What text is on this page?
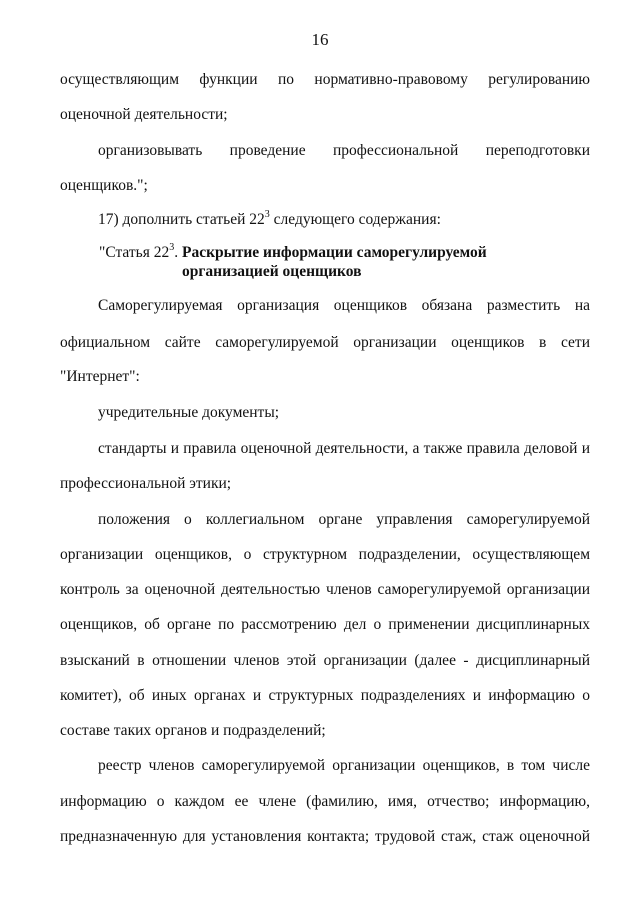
16
осуществляющим функции по нормативно-правовому регулированию
оценочной деятельности;
организовывать проведение профессиональной переподготовки
оценщиков.";
17) дополнить статьей $22^3$ следующего содержания:
"Статья $22^3$. Раскрытие информации саморегулируемой
организацией оценщиков
Саморегулируемая организация оценщиков обязана разместить на
официальном сайте саморегулируемой организации оценщиков в сети
"Интернет":
учредительные документы;
стандарты и правила оценочной деятельности, а также правила деловой и
профессиональной этики;
положения о коллегиальном органе управления саморегулируемой
организации оценщиков, о структурном подразделении, осуществляющем
контроль за оценочной деятельностью членов саморегулируемой организации
оценщиков, об органе по рассмотрению дел о применении дисциплинарных
взысканий в отношении членов этой организации (далее - дисциплинарный
комитет), об иных органах и структурных подразделениях и информацию о
составе таких органов и подразделений;
реестр членов саморегулируемой организации оценщиков, в том числе
информацию о каждом ее члене (фамилию, имя, отчество; информацию,
предназначенную для установления контакта; трудовой стаж, стаж оценочной
